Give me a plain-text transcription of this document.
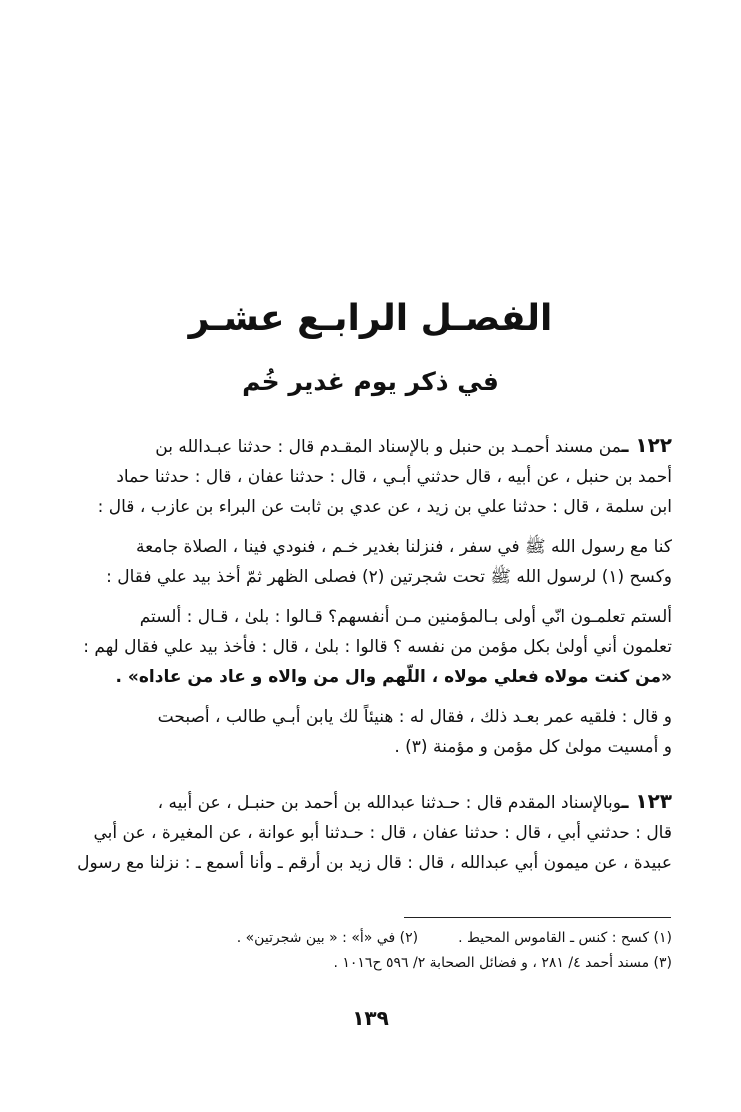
الفصـل الرابـع عشـر
في ذكر يوم غدير خُم

١٢٢ ـمن مسند أحمـد بن حنبل و بالإسناد المقـدم قال : حدثنا عبـدالله بن
أحمد بن حنبل ، عن أبيه ، قال حدثني أبـي ، قال : حدثنا عفان ، قال : حدثنا حماد
ابن سلمة ، قال : حدثنا علي بن زيد ، عن عدي بن ثابت عن البراء بن عازب ، قال :

كنا مع رسول الله ﷺ في سفر ، فنزلنا بغدير خـم ، فنودي فينا ، الصلاة جامعة
وكسح (١) لرسول الله ﷺ تحت شجرتين (٢) فصلى الظهر ثمّ أخذ بيد علي فقال :

ألستم تعلمـون انّي أولى بـالمؤمنين مـن أنفسهم؟ قـالوا : بلىٰ ، قـال : ألستم
تعلمون أني أولىٰ بكل مؤمن من نفسه ؟ قالوا : بلىٰ ، قال : فأخذ بيد علي فقال لهم :
«من كنت مولاه فعلي مولاه ، اللّهم وال من والاه و عاد من عاداه» .

و قال : فلقيه عمر بعـد ذلك ، فقال له : هنيئاً لك يابن أبـي طالب ، أصبحت
و أمسيت مولىٰ كل مؤمن و مؤمنة (٣) .

١٢٣ ـوبالإسناد المقدم قال : حـدثنا عبدالله بن أحمد بن حنبـل ، عن أبيه ،
قال : حدثني أبي ، قال : حدثنا عفان ، قال : حـدثنا أبو عوانة ، عن المغيرة ، عن أبي
عبيدة ، عن ميمون أبي عبدالله ، قال : قال زيد بن أرقم ـ وأنا أسمع ـ : نزلنا مع رسول

(١) كسح : كنس ـ القاموس المحيط .(٢) في «أ» : « بين شجرتين» .
(٣) مسند أحمد ٤/ ٢٨١ ، و فضائل الصحابة ٢/ ٥٩٦ ح١٠١٦ .
١٣٩
